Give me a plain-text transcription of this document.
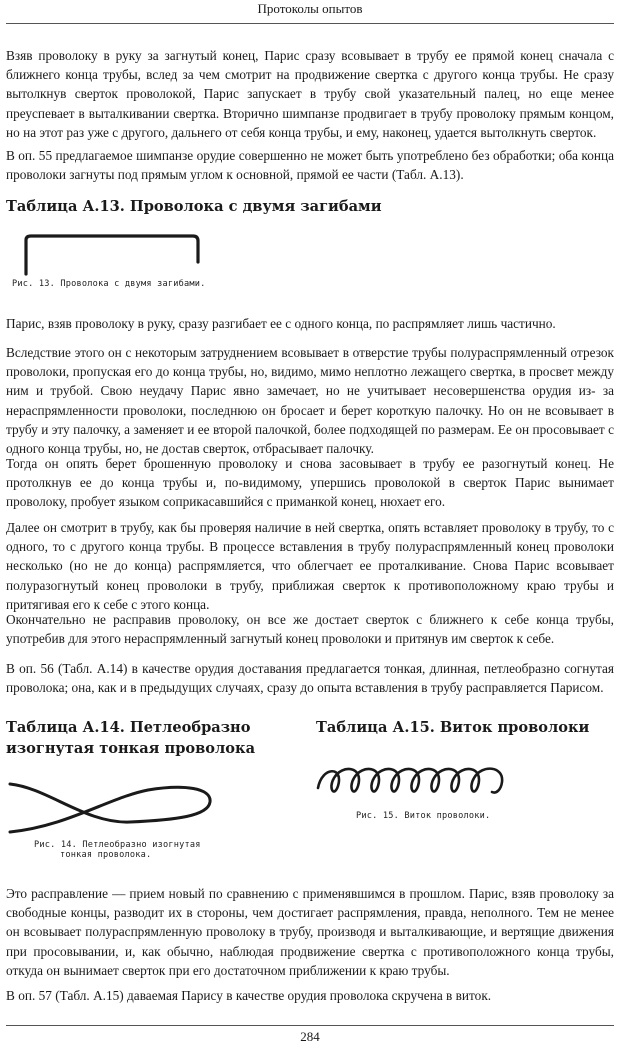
Протоколы опытов

Взяв проволоку в руку за загнутый конец, Парис сразу всовывает в трубу ее прямой конец сначала с ближнего конца трубы, вслед за чем смотрит на продвижение свертка с другого конца трубы. Не сразу вытолкнув сверток проволокой, Парис запускает в трубу свой указательный палец, но еще менее преуспевает в выталкивании свертка. Вторично шимпанзе продвигает в трубу проволоку прямым концом, но на этот раз уже с другого, дальнего от себя конца трубы, и ему, наконец, удается вытолкнуть сверток.

В оп. 55 предлагаемое шимпанзе орудие совершенно не может быть употреблено без обработки; оба конца проволоки загнуты под прямым углом к основной, прямой ее части (Табл. А.13).

Таблица А.13. Проволока с двумя загибами
Рис. 13. Проволока с двумя загибами.

Парис, взяв проволоку в руку, сразу разгибает ее с одного конца, по распрямляет лишь частично.

Вследствие этого он с некоторым затруднением всовывает в отверстие трубы полураспрямленный отрезок проволоки, пропуская его до конца трубы, но, видимо, мимо неплотно лежащего свертка, в просвет между ним и трубой. Свою неудачу Парис явно замечает, но не учитывает несовершенства орудия из- за нераспрямленности проволоки, последнюю он бросает и берет короткую палочку. Но он не всовывает в трубу и эту палочку, а заменяет и ее второй палочкой, более подходящей по размерам. Ее он просовывает с одного конца трубы, но, не достав сверток, отбрасывает палочку.

Тогда он опять берет брошенную проволоку и снова засовывает в трубу ее разогнутый конец. Не протолкнув ее до конца трубы и, по-видимому, упершись проволокой в сверток Парис вынимает проволоку, пробует языком соприкасавшийся с приманкой конец, нюхает его.

Далее он смотрит в трубу, как бы проверяя наличие в ней свертка, опять вставляет проволоку в трубу, то с одного, то с другого конца трубы. В процессе вставления в трубу полураспрямленный конец проволоки несколько (но не до конца) распрямляется, что облегчает ее проталкивание. Снова Парис всовывает полуразогнутый конец проволоки в трубу, приближая сверток к противоположному краю трубы и притягивая его к себе с этого конца.

Окончательно не расправив проволоку, он все же достает сверток с ближнего к себе конца трубы, употребив для этого нераспрямленный загнутый конец проволоки и притянув им сверток к себе.

В оп. 56 (Табл. А.14) в качестве орудия доставания предлагается тонкая, длинная, петлеобразно согнутая проволока; она, как и в предыдущих случаях, сразу до опыта вставления в трубу расправляется Парисом.

Таблица А.14. Петлеобразно изогнутая тонкая проволока
Таблица А.15. Виток проволоки
Рис. 14. Петлеобразно изогнутая
тонкая проволока.
Рис. 15. Виток проволоки.

Это расправление — прием новый по сравнению с применявшимся в прошлом. Парис, взяв проволоку за свободные концы, разводит их в стороны, чем достигает распрямления, правда, неполного. Тем не менее он всовывает полураспрямленную проволоку в трубу, производя и выталкивающие, и вертящие движения при просовывании, и, как обычно, наблюдая продвижение свертка с противоположного конца трубы, откуда он вынимает сверток при его достаточном приближении к краю трубы.

В оп. 57 (Табл. А.15) даваемая Парису в качестве орудия проволока скручена в виток.

284
